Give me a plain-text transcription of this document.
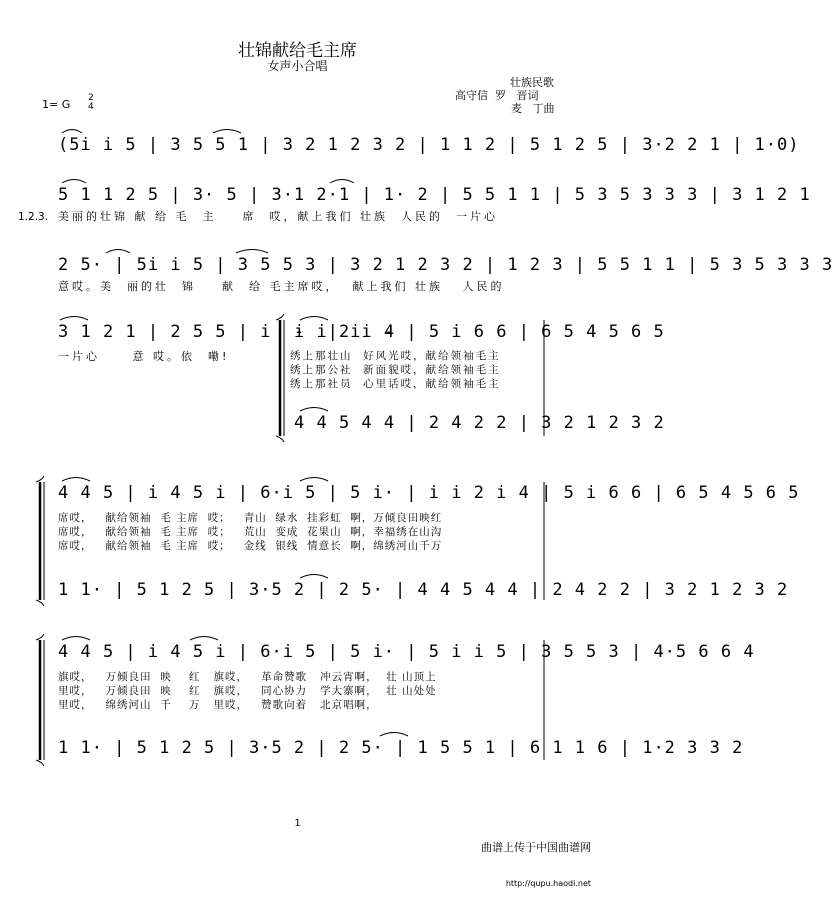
壮锦献给毛主席
女声小合唱
壮族民歌
高守信  罗   晋词
麦   丁曲
1= G 2
4
(5i i 5 | 3 5 5 1 | 3 2 1 2 3 2 | 1 1 2 | 5 1 2 5 | 3·2 2 1 | 1·0)
5 1 1 2 5 | 3· 5 | 3·1 2·1 | 1· 2 | 5 5 1 1 | 5 3 5 3 3 3 | 3 1 2 1
1.2.3. 美丽的壮锦 献 给 毛  主    席  哎，献上我们 壮族  人民的  一片心
2 5· | 5i i 5 | 3 5 5 3 | 3 2 1 2 3 2 | 1 2 3 | 5 5 1 1 | 5 3 5 3 3 3
意哎。美  丽的壮  锦    献  给 毛主席哎，  献上我们 壮族   人民的
3 1 2 1 | 2 5 5 | i  -  | i  -
一片心     意 哎。依  嘞!
i i 2 i 4 | 5 i 6 6 | 6 5 4 5 6 5
绣上那壮山  好风光哎，献给领袖毛主
绣上那公社  新面貌哎，献给领袖毛主
绣上那社员  心里话哎，献给领袖毛主
4 4 5 4 4 | 2 4 2 2 | 3 2 1 2 3 2
4 4 5 | i 4 5 i | 6·i 5 | 5 i· | i i 2 i 4 | 5 i 6 6 | 6 5 4 5 6 5
席哎，   献给领袖  毛 主席  哎；   青山  绿水  挂彩虹  啊，万倾良田映红
席哎，   献给领袖  毛 主席  哎；   荒山  变成  花果山  啊，幸福绣在山沟
席哎，   献给领袖  毛 主席  哎；   金线  银线  情意长  啊，绵绣河山千万
1 1· | 5 1 2 5 | 3·5 2 | 2 5· | 4 4 5 4 4 | 2 4 2 2 | 3 2 1 2 3 2
4 4 5 | i 4 5 i | 6·i 5 | 5 i· | 5 i i 5 | 3 5 5 3 | 4·5 6 6 4
旗哎，   万倾良田  映    红   旗哎，   革命赞歌   冲云宵啊，  壮 山顶上
里哎，   万倾良田  映    红   旗哎，   同心协力   学大寨啊，  壮 山处处
里哎，   绵绣河山  千    万   里哎，   赞歌向着   北京唱啊，
1 1· | 5 1 2 5 | 3·5 2 | 2 5· | 1 5 5 1 | 6 1 1 6 | 1·2 3 3 2
1

曲谱上传于中国曲谱网

http://qupu.haodi.net
